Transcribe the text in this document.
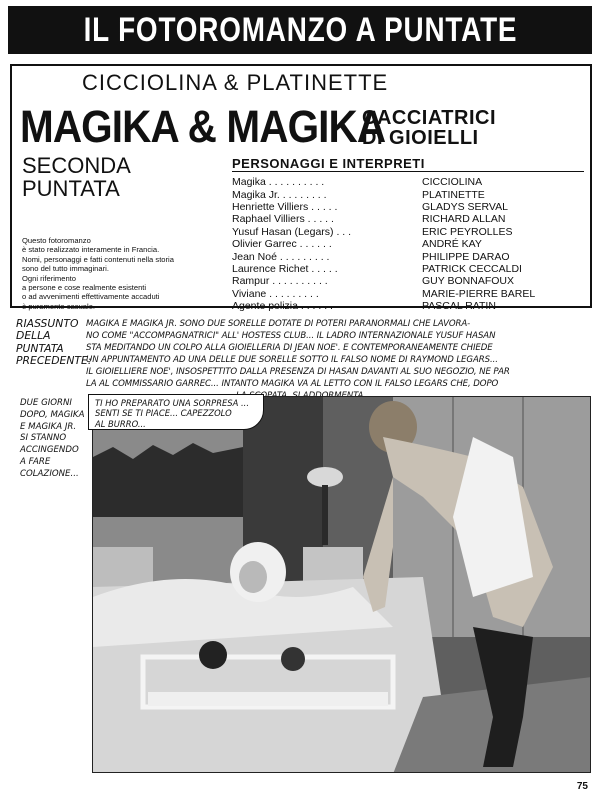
IL FOTOROMANZO A PUNTATE
CICCIOLINA & PLATINETTE
MAGIKA & MAGIKA
CACCIATRICI
DI GIOIELLI
SECONDA
PUNTATA
PERSONAGGI E INTERPRETI
Magika . . . . . . . . . .	CICCIOLINA
Magika Jr. . . . . . . . .	PLATINETTE
Henriette Villiers . . . . .	GLADYS SERVAL
Raphael Villiers . . . . .	RICHARD ALLAN
Yusuf Hasan (Legars) . . .	ERIC PEYROLLES
Olivier Garrec . . . . . .	ANDRÉ KAY
Jean Noé . . . . . . . . .	PHILIPPE DARAO
Laurence Richet . . . . .	PATRICK CECCALDI
Rampur . . . . . . . . . .	GUY BONNAFOUX
Viviane . . . . . . . . .	MARIE-PIERRE BAREL
Agente polizia . . . . . .	PASCAL RATIN
Questo fotoromanzo
è stato realizzato interamente in Francia.
Nomi, personaggi e fatti contenuti nella storia
sono del tutto immaginari.
Ogni riferimento
a persone e cose realmente esistenti
o ad avvenimenti effettivamente accaduti
è puramente casuale.
RIASSUNTO
DELLA
PUNTATA
PRECEDENTE:
MAGIKA E MAGIKA JR. SONO DUE SORELLE DOTATE DI POTERI PARANORMALI CHE LAVORA-
NO COME "ACCOMPAGNATRICI" ALL' HOSTESS CLUB... IL LADRO INTERNAZIONALE YUSUF HASAN
STA MEDITANDO UN COLPO ALLA GIOIELLERIA DI JEAN NOE'. E CONTEMPORANEAMENTE CHIEDE
UN APPUNTAMENTO AD UNA DELLE DUE SORELLE SOTTO IL FALSO NOME DI RAYMOND LEGARS...
IL GIOIELLIERE NOE', INSOSPETTITO DALLA PRESENZA DI HASAN DAVANTI AL SUO NEGOZIO, NE PAR
LA AL COMMISSARIO GARREC... INTANTO MAGIKA VA AL LETTO CON IL FALSO LEGARS CHE, DOPO
DUE GIORNI
DOPO, MAGIKA
E MAGIKA JR.
SI STANNO
ACCINGENDO
A FARE
COLAZIONE...
TI HO PREPARATO UNA SORPRESA ...
SENTI SE TI PIACE... CAPEZZOLO
AL BURRO...
75
